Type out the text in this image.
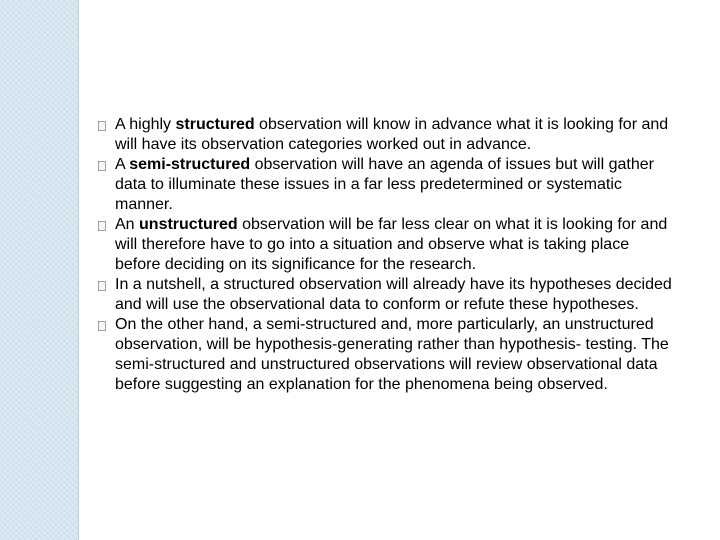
A highly structured observation will know in advance what it is looking for and will have its observation categories worked out in advance.
A semi-structured observation will have an agenda of issues but will gather data to illuminate these issues in a far less predetermined or systematic manner.
An unstructured observation will be far less clear on what it is looking for and will therefore have to go into a situation and observe what is taking place before deciding on its significance for the research.
In a nutshell, a structured observation will already have its hypotheses decided and will use the observational data to conform or refute these hypotheses.
On the other hand, a semi-structured and, more particularly, an unstructured observation, will be hypothesis-generating rather than hypothesis- testing. The semi-structured and unstructured observations will review observational data before suggesting an explanation for the phenomena being observed.
